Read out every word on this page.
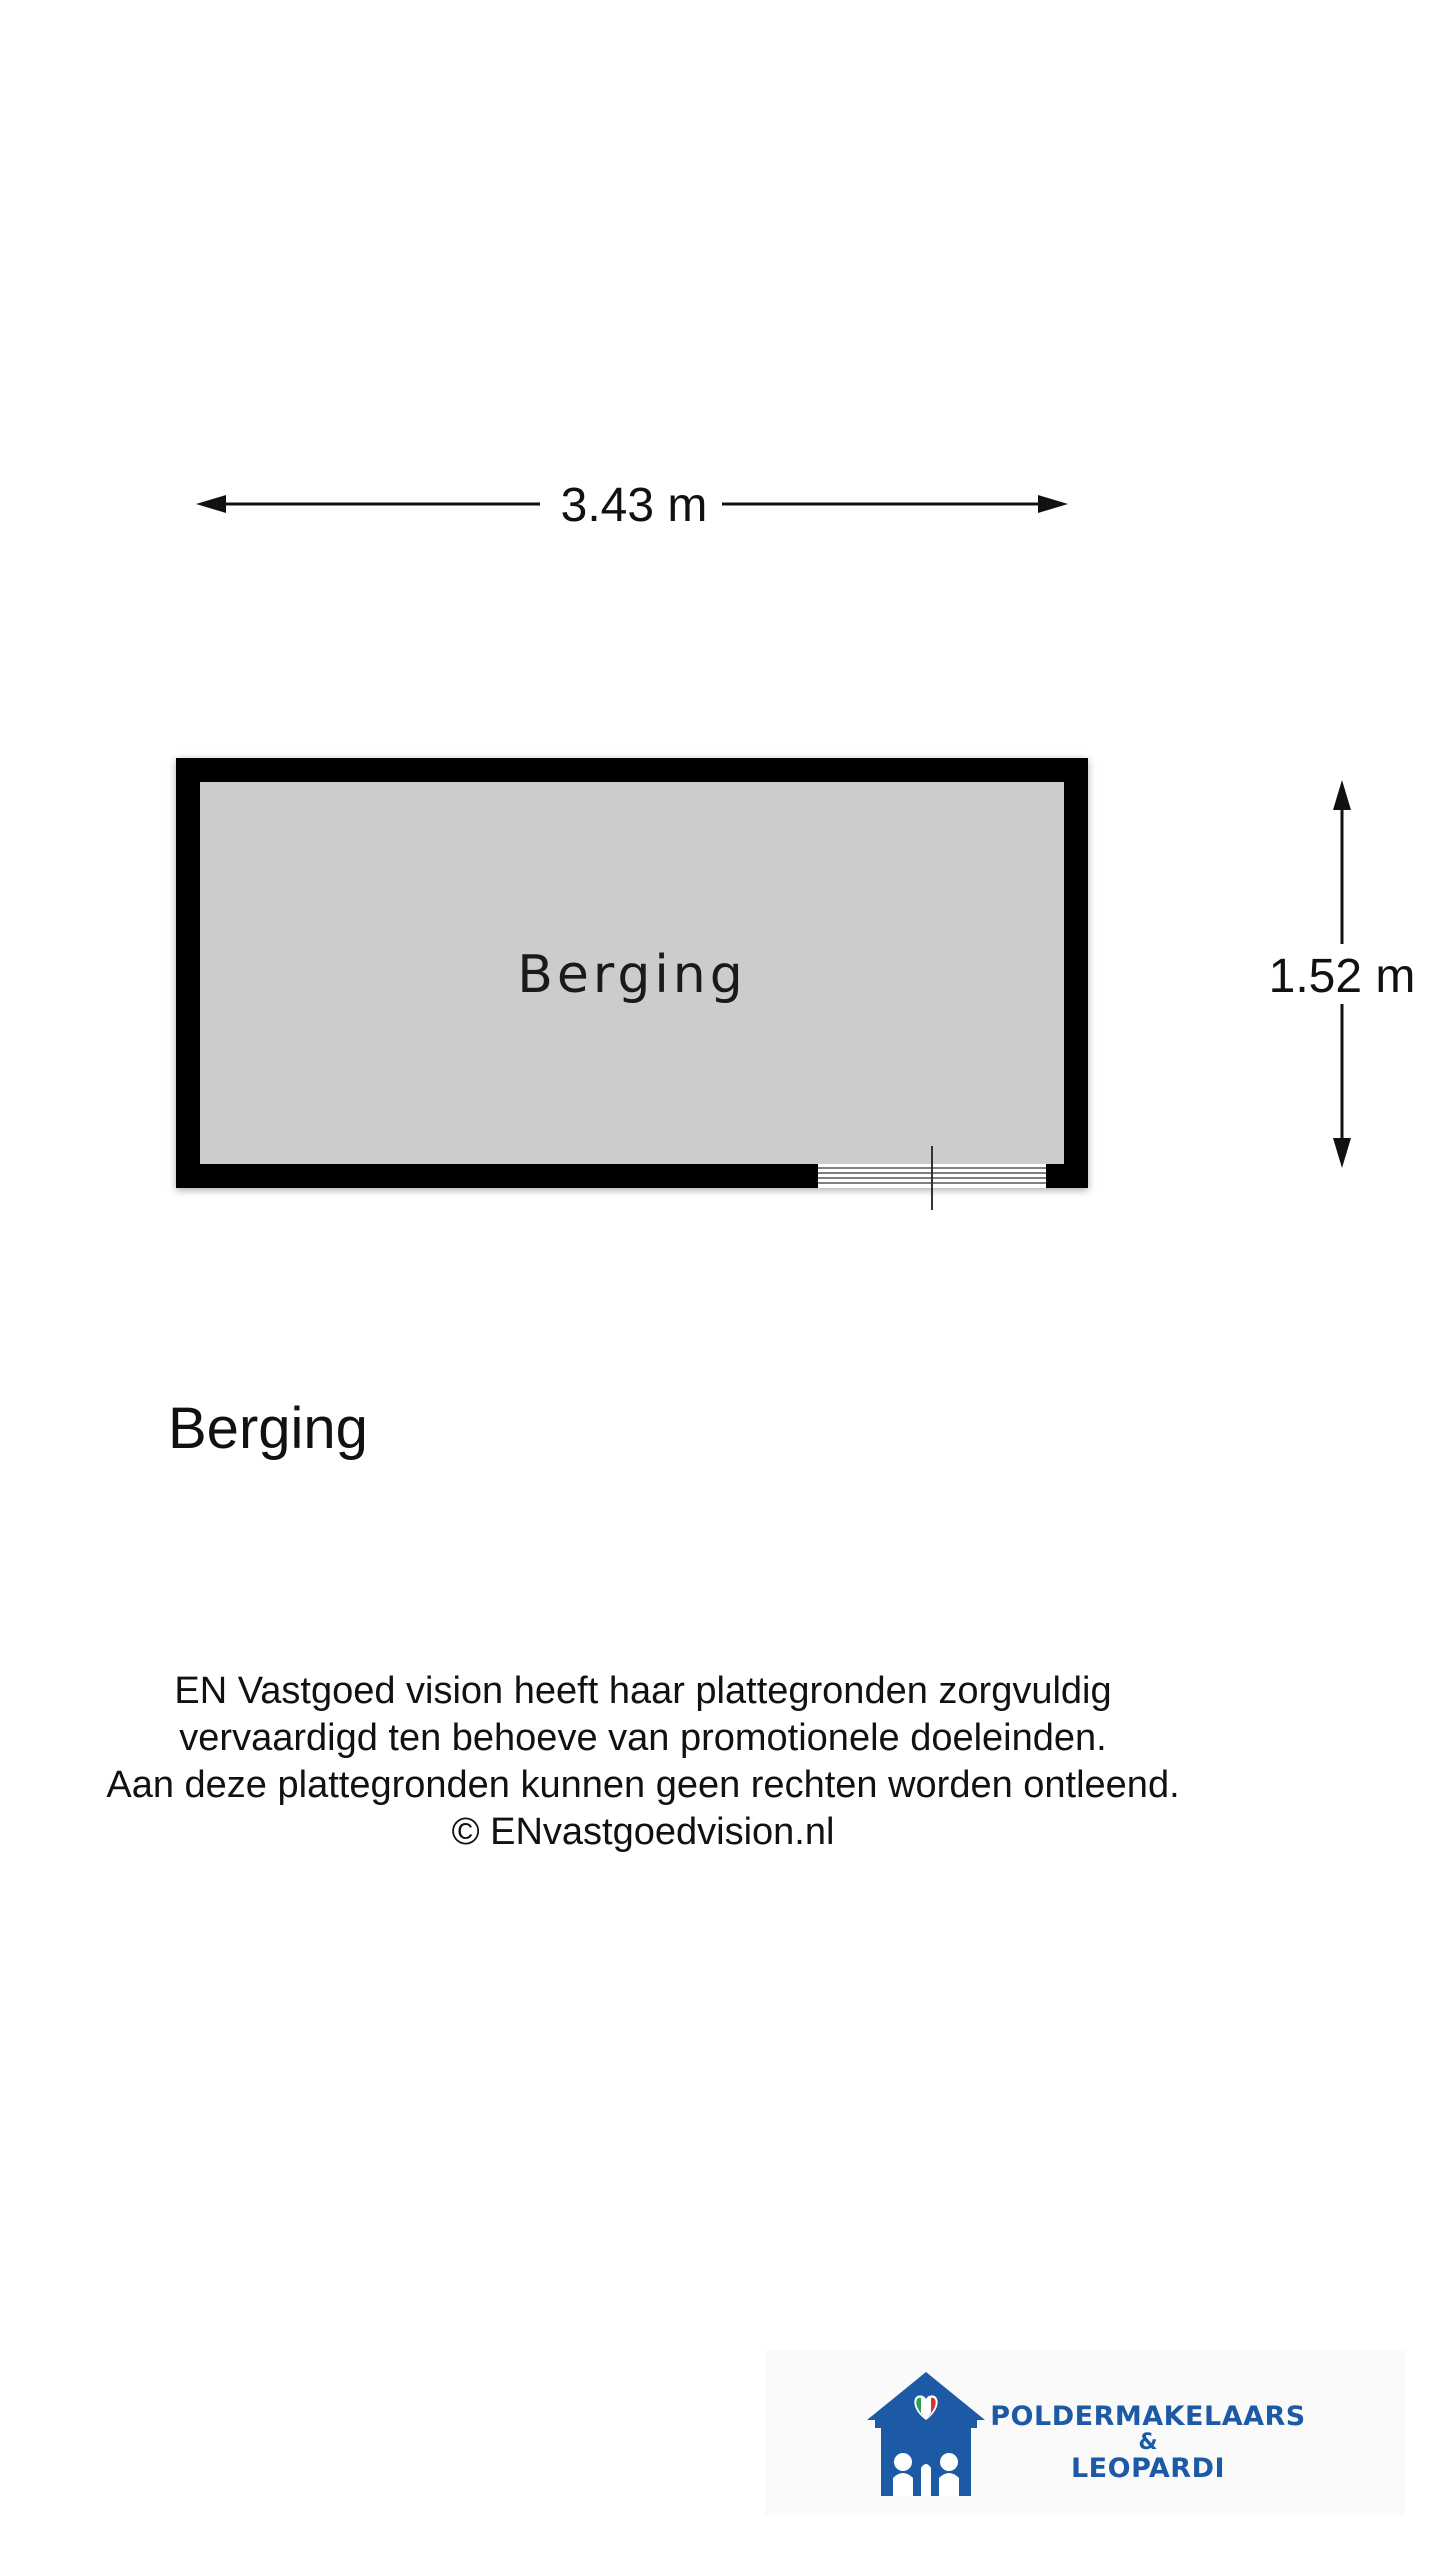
3.43 m
Berging	1.52 m
Berging
EN Vastgoed vision heeft haar plattegronden zorgvuldig
vervaardigd ten behoeve van promotionele doeleinden.
Aan deze plattegronden kunnen geen rechten worden ontleend.
© ENvastgoedvision.nl
POLDERMAKELAARS
&
LEOPARDI
